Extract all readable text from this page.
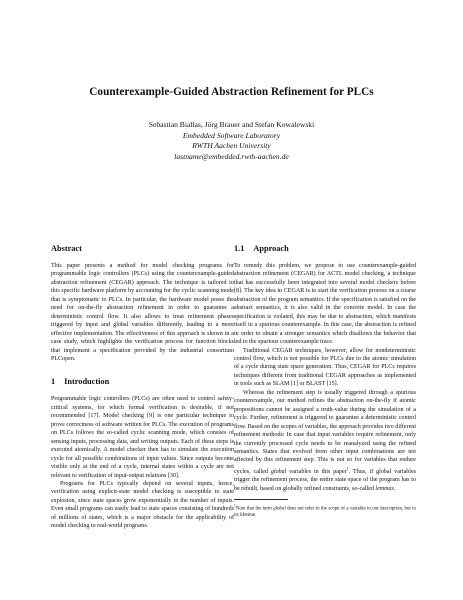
Counterexample-Guided Abstraction Refinement for PLCs
Sebastian Biallas, Jörg Brauer and Stefan Kowalewski
Embedded Software Laboratory
RWTH Aachen University
lastname@embedded.rwth-aachen.de
Abstract

This paper presents a method for model checking programs for programmable logic controllers (PLCs) using the counterexample-guided abstraction refinement (CEGAR) approach. The technique is tailored to this specific hardware platform by accounting for the cyclic scanning mode that is symptomatic to PLCs. In particular, the hardware model poses the need for on-the-fly abstraction refinement in order to guarantee a deterministic control flow. It also allows to treat refinement phases triggered by input and global variables differently, leading to a more effective implementation. The effectiveness of this approach is shown in a case study, which highlights the verification process for function blocks that implement a specification provided by the industrial consortium PLCopen.

1 Introduction

Programmable logic controllers (PLCs) are often used to control safety-critical systems, for which formal verification is desirable, if not recommended [17]. Model checking [9] is one particular technique to prove correctness of software written for PLCs. The execution of programs on PLCs follows the so-called cyclic scanning mode, which consists of sensing inputs, processing data, and writing outputs. Each of these steps is executed atomically. A model checker then has to simulate the execution cycle for all possible combinations of input values. Since outputs become visible only at the end of a cycle, internal states within a cycle are not relevant to verification of input-output relations [30].

Programs for PLCs typically depend on several inputs, hence, verification using explicit-state model checking is susceptible to state explosion, since state spaces grow exponentially in the number of inputs. Even small programs can easily lead to state spaces consisting of hundreds of millions of states, which is a major obstacle for the applicability of model checking to real-world programs.

1.1 Approach

To remedy this problem, we propose to use counterexample-guided abstraction refinement (CEGAR) for ACTL model checking, a technique that has successfully been integrated into several model checkers before [8]. The key idea in CEGAR is to start the verification process on a coarse abstraction of the program semantics. If the specification is satisfied on the abstract semantics, it is also valid in the concrete model. In case the specification is violated, this may be due to abstraction, which manifests itself in a spurious counterexample. In this case, the abstraction is refined in order to obtain a stronger semantics which disallows the behavior that led to the spurious counterexample trace.

Traditional CEGAR techniques, however, allow for nondeterministic control flow, which is not possible for PLCs due to the atomic simulation of a cycle during state space generation. Thus, CEGAR for PLCs requires techniques different from traditional CEGAR approaches as implemented in tools such as SLAM [1] or BLAST [15].

Whereas the refinement step is usually triggered through a spurious counterexample, our method refines the abstraction on-the-fly if atomic propositions cannot be assigned a truth-value during the simulation of a cycle. Further, refinement is triggered to guarantee a deterministic control flow. Based on the scopes of variables, the approach provides two different refinement methods: In case that input variables require refinement, only the currently processed cycle needs to be reanalyzed using the refined semantics. States that evolved from other input combinations are not affected by this refinement step. This is not so for variables that endure cycles, called global variables in this paper$^1$. Thus, if global variables trigger the refinement process, the entire state space of the program has to be rebuilt, based on globally refined constraints, so-called lemmas.

$^1$Note that the term global does not refer to the scope of a variable in our description, but to its lifetime.
